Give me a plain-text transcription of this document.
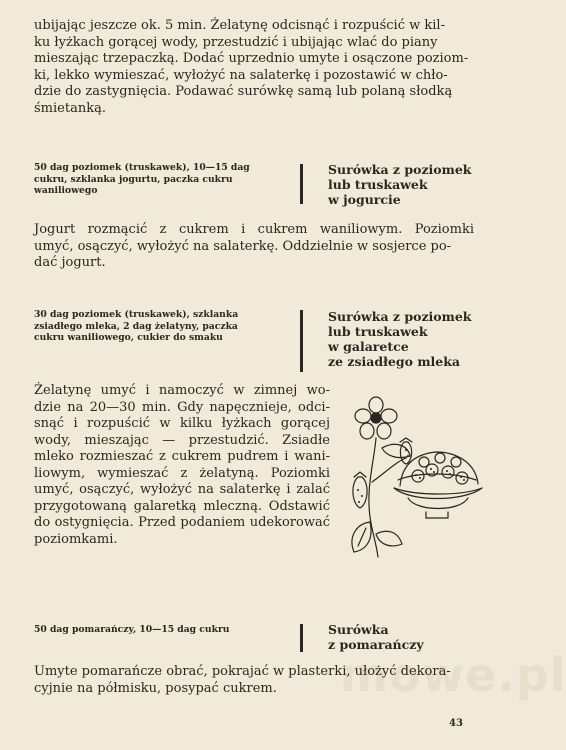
ubijając jeszcze ok. 5 min. Żelatynę odcisnąć i rozpuścić w kil-
ku łyżkach gorącej wody, przestudzić i ubijając wlać do piany
mieszając trzepaczką. Dodać uprzednio umyte i osączone poziom-
ki, lekko wymieszać, wyłożyć na salaterkę i pozostawić w chło-
dzie do zastygnięcia. Podawać surówkę samą lub polaną słodką
śmietanką.
50 dag poziomek (truskawek), 10—15 dag
cukru, szklanka jogurtu, paczka cukru
waniliowego
Surówka z poziomek
lub truskawek
w jogurcie
Jogurt rozmącić z cukrem i cukrem waniliowym. Poziomki
umyć, osączyć, wyłożyć na salaterkę. Oddzielnie w sosjerce po-
dać jogurt.
30 dag poziomek (truskawek), szklanka
zsiadłego mleka, 2 dag żelatyny, paczka
cukru waniliowego, cukier do smaku
Surówka z poziomek
lub truskawek
w galaretce
ze zsiadłego mleka
Żelatynę umyć i namoczyć w zimnej wo-
dzie na 20—30 min. Gdy napęcznieje, odci-
snąć i rozpuścić w kilku łyżkach gorącej
wody, mieszając — przestudzić. Zsiadłe
mleko rozmieszać z cukrem pudrem i wani-
liowym, wymieszać z żelatyną. Poziomki
umyć, osączyć, wyłożyć na salaterkę i zalać
przygotowaną galaretką mleczną. Odstawić
do ostygnięcia. Przed podaniem udekorować
poziomkami.
50 dag pomarańczy, 10—15 dag cukru	Surówka
z pomarańczy
mowe.pl
Umyte pomarańcze obrać, pokrajać w plasterki, ułożyć dekora-
cyjnie na półmisku, posypać cukrem.
43
